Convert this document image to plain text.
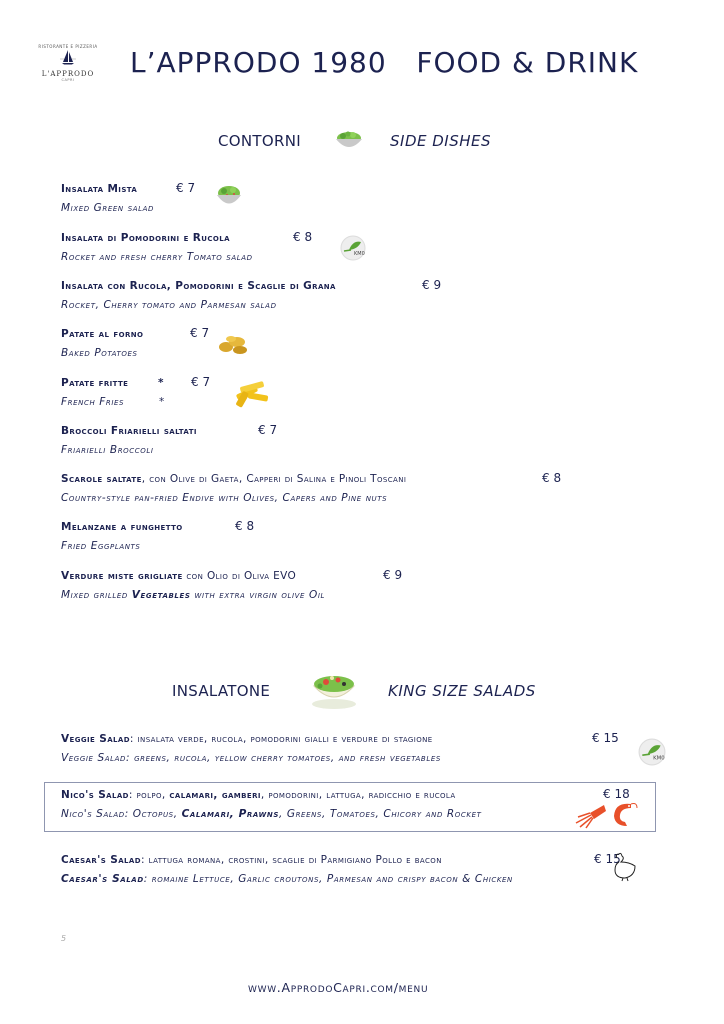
RISTORANTE E PIZZERIA
L'APPRODO
CAPRI
L’APPRODO 1980   FOOD & DRINK
CONTORNI	SIDE DISHES
Insalata Mista	€ 7
Mixed Green salad
Insalata di Pomodorini e Rucola	€ 8
Rocket and fresh cherry Tomato salad	KM0
Insalata con Rucola, Pomodorini e Scaglie di Grana	€ 9
Rocket, Cherry tomato and Parmesan salad
Patate al forno	€ 7
Baked Potatoes
Patate fritte	* € 7
French Fries	*
Broccoli Friarielli saltati	€ 7
Friarielli Broccoli
Scarole saltate, con Olive di Gaeta, Capperi di Salina e Pinoli Toscani	€ 8
Country-style pan-fried Endive with Olives, Capers and Pine nuts
Melanzane a funghetto	€ 8
Fried Eggplants
Verdure miste grigliate con Olio di Oliva EVO	€ 9
Mixed grilled Vegetables with extra virgin olive Oil
INSALATONE	KING SIZE SALADS
Veggie Salad: insalata verde, rucola, pomodorini gialli e verdure di stagione	€ 15
Veggie Salad: greens, rucola, yellow cherry tomatoes, and fresh vegetables	KM0
Nico's Salad: polpo, calamari, gamberi, pomodorini, lattuga, radicchio e rucola	€ 18
Nico's Salad: Octopus, Calamari, Prawns, Greens, Tomatoes, Chicory and Rocket
Caesar's Salad: lattuga romana, crostini, scaglie di Parmigiano Pollo e bacon	€ 15
Caesar's Salad: romaine Lettuce, Garlic croutons, Parmesan and crispy bacon & Chicken
5
www.ApprodoCapri.com/menu
